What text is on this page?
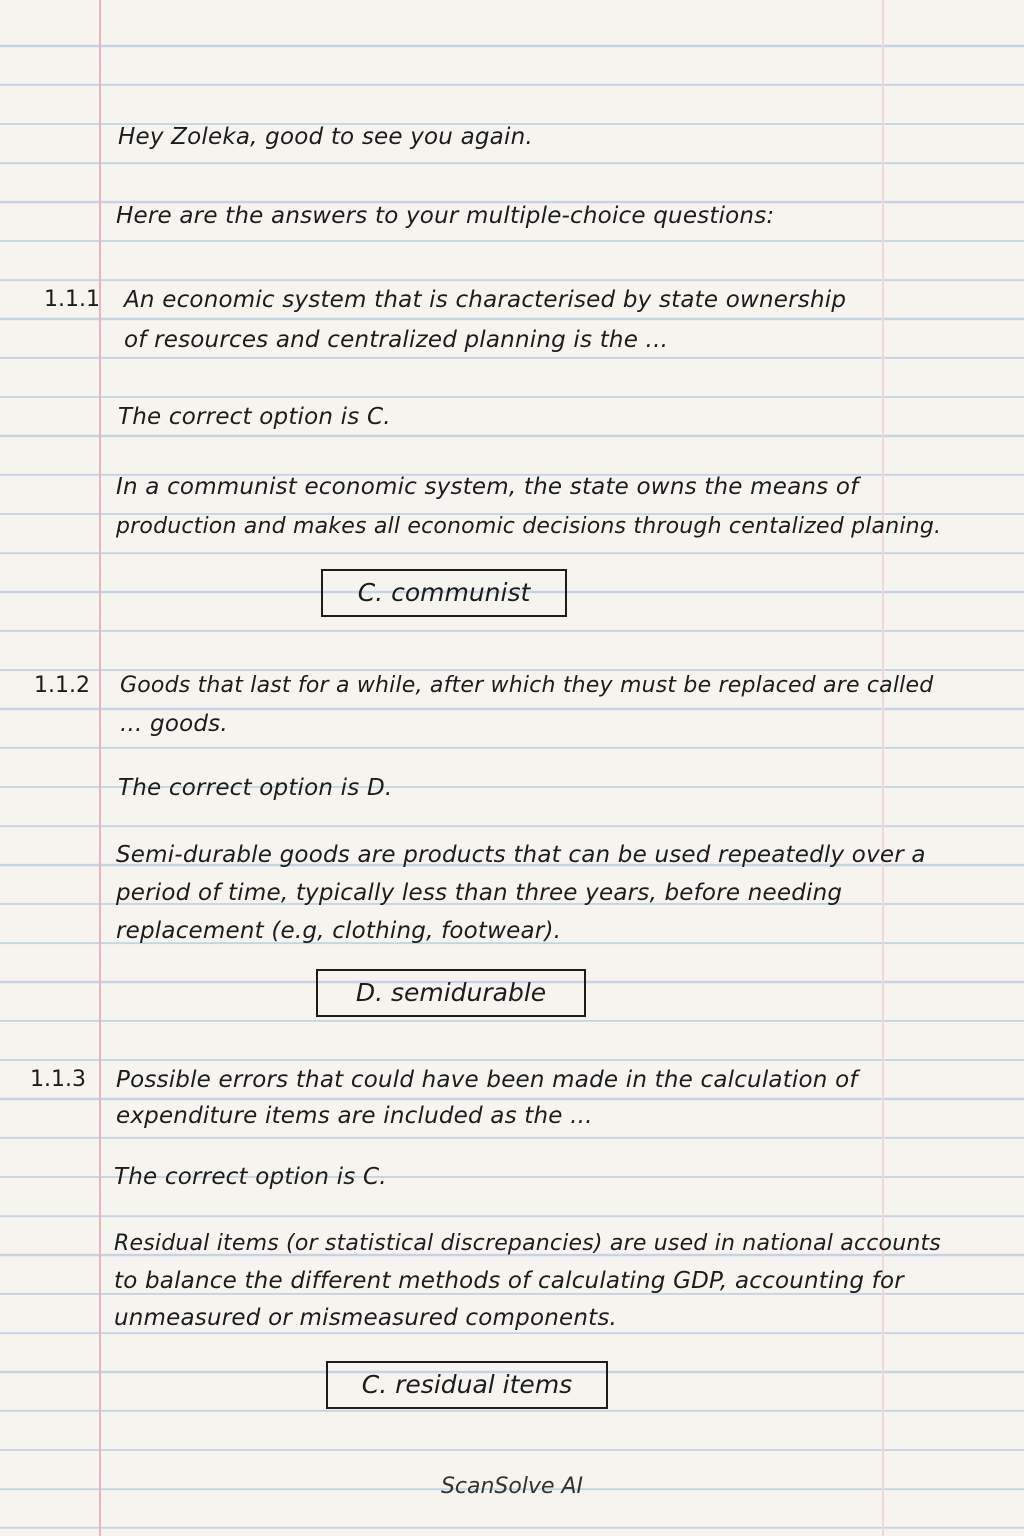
Hey Zoleka, good to see you again.
Here are the answers to your multiple-choice questions:
1.1.1 An economic system that is characterised by state ownership
of resources and centralized planning is the ...
The correct option is C.
In a communist economic system, the state owns the means of
production and makes all economic decisions through centalized planing.
C. communist
1.1.2 Goods that last for a while, after which they must be replaced are called
... goods.
The correct option is D.
Semi-durable goods are products that can be used repeatedly over a
period of time, typically less than three years, before needing
replacement (e.g, clothing, footwear).
D. semidurable
1.1.3 Possible errors that could have been made in the calculation of
expenditure items are included as the ...
The correct option is C.
Residual items (or statistical discrepancies) are used in national accounts
to balance the different methods of calculating GDP, accounting for
unmeasured or mismeasured components.
C. residual items
ScanSolve AI
